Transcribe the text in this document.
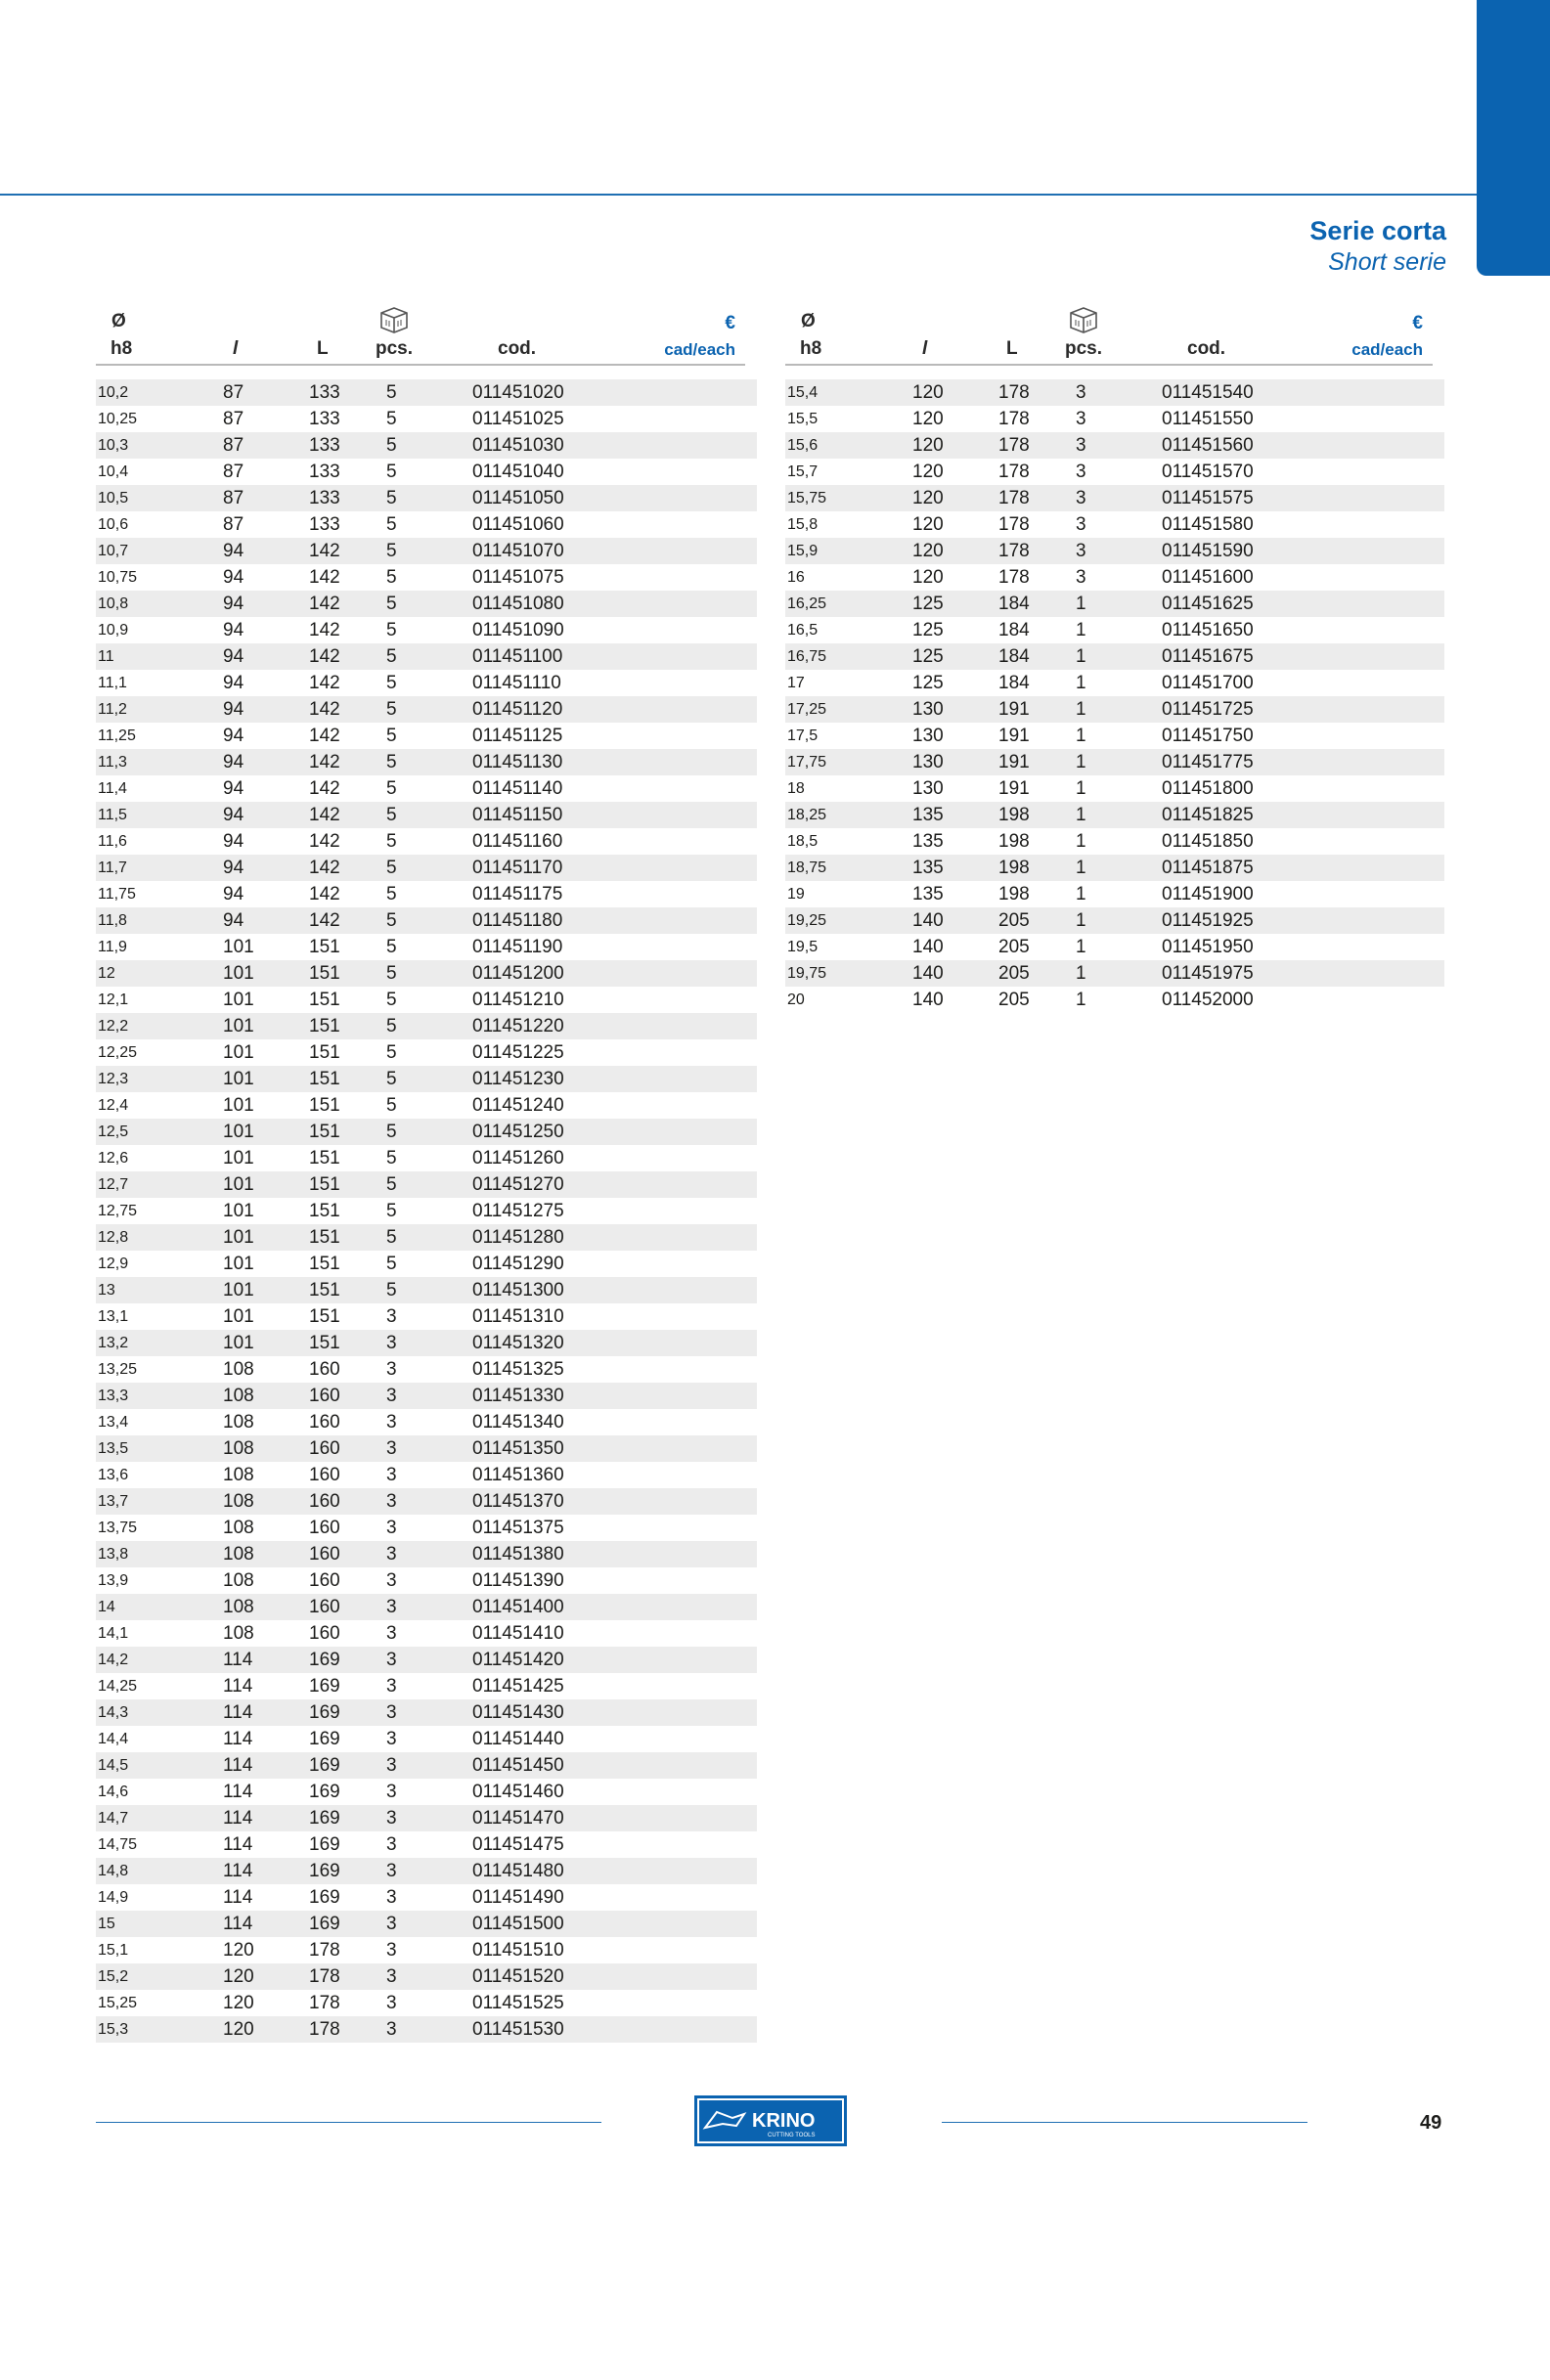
Serie corta
Short serie
Ø
h8	l	L	pcs.	cod.
€
cad/each
10,2	87	133 5	011451020
10,25	87	133 5	011451025
10,3	87	133 5	011451030
10,4	87	133 5	011451040
10,5	87	133 5	011451050
10,6	87	133 5	011451060
10,7	94	142 5	011451070
10,75	94	142 5	011451075
10,8	94	142 5	011451080
10,9	94	142 5	011451090
11	94	142 5	011451100
11,1	94	142 5	011451110
11,2	94	142 5	011451120
11,25	94	142 5	011451125
11,3	94	142 5	011451130
11,4	94	142 5	011451140
11,5	94	142 5	011451150
11,6	94	142 5	011451160
11,7	94	142 5	011451170
11,75	94	142 5	011451175
11,8	94	142 5	011451180
11,9	101	151 5	011451190
12	101	151 5	011451200
12,1	101	151 5	011451210
12,2	101	151 5	011451220
12,25	101	151 5	011451225
12,3	101	151 5	011451230
12,4	101	151 5	011451240
12,5	101	151 5	011451250
12,6	101	151 5	011451260
12,7	101	151 5	011451270
12,75	101	151 5	011451275
12,8	101	151 5	011451280
12,9	101	151 5	011451290
13	101	151 5	011451300
13,1	101	151 3	011451310
13,2	101	151 3	011451320
13,25	108	160 3	011451325
13,3	108	160 3	011451330
13,4	108	160 3	011451340
13,5	108	160 3	011451350
13,6	108	160 3	011451360
13,7	108	160 3	011451370
13,75	108	160 3	011451375
13,8	108	160 3	011451380
13,9	108	160 3	011451390
14	108	160 3	011451400
14,1	108	160 3	011451410
14,2	114	169 3	011451420
14,25	114	169 3	011451425
14,3	114	169 3	011451430
14,4	114	169 3	011451440
14,5	114	169 3	011451450
14,6	114	169 3	011451460
14,7	114	169 3	011451470
14,75	114	169 3	011451475
14,8	114	169 3	011451480
14,9	114	169 3	011451490
15	114	169 3	011451500
15,1	120	178 3	011451510
15,2	120	178 3	011451520
15,25	120	178 3	011451525
15,3	120	178 3	011451530
Ø
h8	l	L	pcs.	cod.
€
cad/each
15,4	120	178 3	011451540
15,5	120	178 3	011451550
15,6	120	178 3	011451560
15,7	120	178 3	011451570
15,75	120	178 3	011451575
15,8	120	178 3	011451580
15,9	120	178 3	011451590
16	120	178 3	011451600
16,25	125	184 1	011451625
16,5	125	184 1	011451650
16,75	125	184 1	011451675
17	125	184 1	011451700
17,25	130	191 1	011451725
17,5	130	191 1	011451750
17,75	130	191 1	011451775
18	130	191 1	011451800
18,25	135	198 1	011451825
18,5	135	198 1	011451850
18,75	135	198 1	011451875
19	135	198 1	011451900
19,25	140	205 1	011451925
19,5	140	205 1	011451950
19,75	140	205 1	011451975
20	140	205 1	011452000
KRINO
CUTTING TOOLS
49
